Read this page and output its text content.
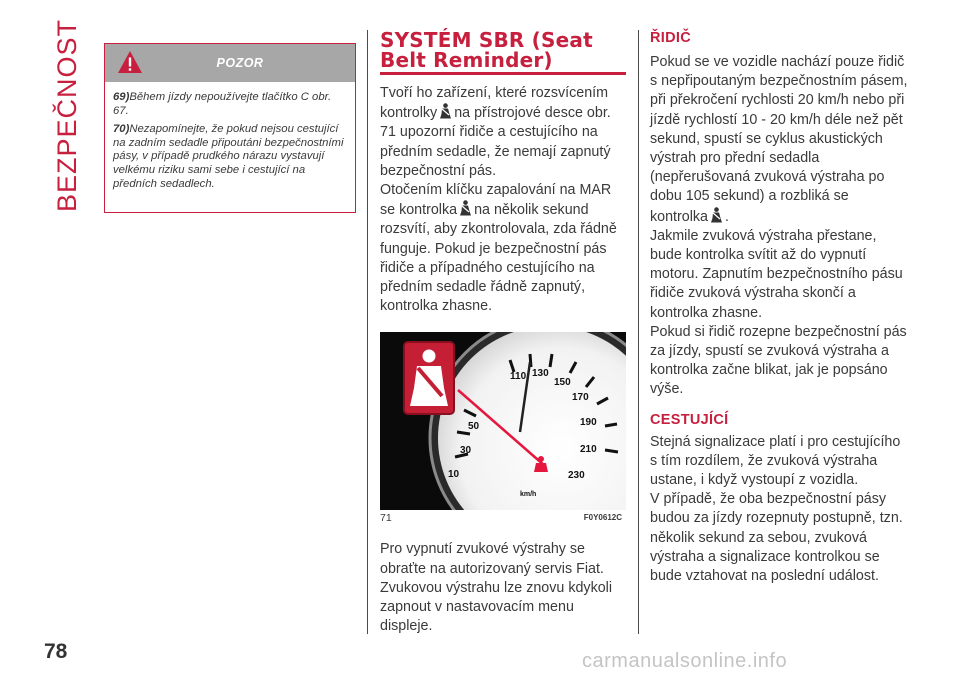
BEZPEČNOST
78
POZOR

69)Během jízdy nepoužívejte tlačítko C obr. 67.

70)Nezapomínejte, že pokud nejsou cestující na zadním sedadle připoutáni bezpečnostními pásy, v případě prudkého nárazu vystavují velkému riziku sami sebe i cestující na předních sedadlech.

SYSTÉM SBR (Seat
Belt Reminder)
Tvoří ho zařízení, které rozsvícením kontrolky na přístrojové desce obr. 71 upozorní řidiče a cestujícího na předním sedadle, že nemají zapnutý bezpečnostní pás.
Otočením klíčku zapalování na MAR se kontrolka na několik sekund rozsvítí, aby zkontrolovala, zda řádně funguje. Pokud je bezpečnostní pás řidiče a případného cestujícího na předním sedadle řádně zapnutý, kontrolka zhasne.
10
30
50
110 130
150
170
190
210
230
km/h
71	F0Y0612C
Pro vypnutí zvukové výstrahy se obraťte na autorizovaný servis Fiat. Zvukovou výstrahu lze znovu kdykoli zapnout v nastavovacím menu displeje.
ŘIDIČ
Pokud se ve vozidle nachází pouze řidič s nepřipoutaným bezpečnostním pásem, při překročení rychlosti 20 km/h nebo při jízdě rychlostí 10 - 20 km/h déle než pět sekund, spustí se cyklus akustických výstrah pro přední sedadla (nepřerušovaná zvuková výstraha po dobu 105 sekund) a rozbliká se kontrolka .
Jakmile zvuková výstraha přestane, bude kontrolka svítit až do vypnutí motoru. Zapnutím bezpečnostního pásu řidiče zvuková výstraha skončí a kontrolka zhasne.
Pokud si řidič rozepne bezpečnostní pás za jízdy, spustí se zvuková výstraha a kontrolka začne blikat, jak je popsáno výše.
CESTUJÍCÍ
Stejná signalizace platí i pro cestujícího s tím rozdílem, že zvuková výstraha ustane, i když vystoupí z vozidla.
V případě, že oba bezpečnostní pásy budou za jízdy rozepnuty postupně, tzn. několik sekund za sebou, zvuková výstraha a signalizace kontrolkou se bude vztahovat na poslední událost.
carmanualsonline.info
